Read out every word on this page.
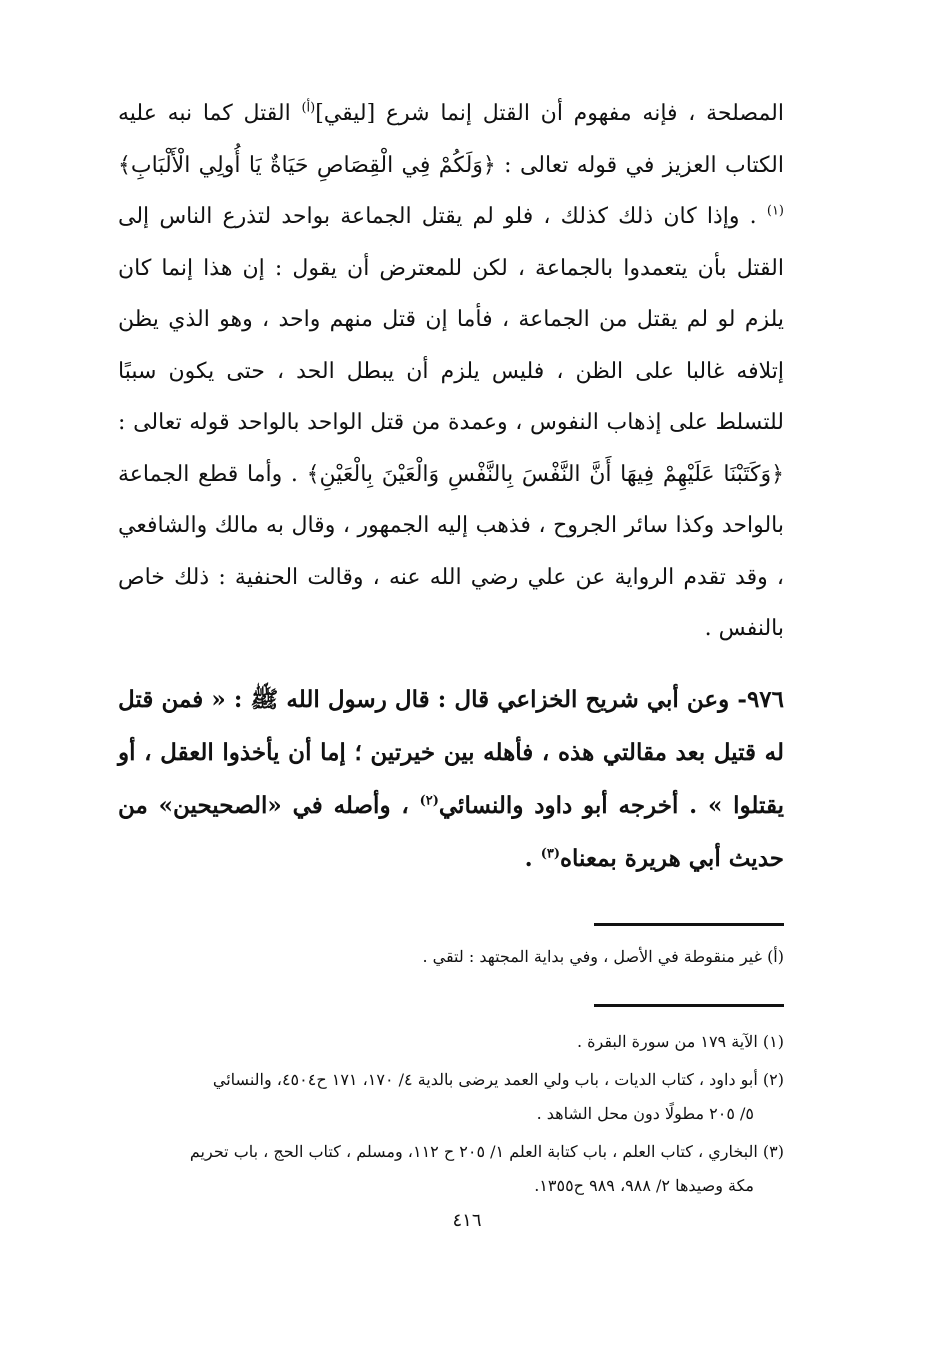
المصلحة ، فإنه مفهوم أن القتل إنما شرع [ليقي]$^{(أ)}$ القتل كما نبه عليه الكتاب العزيز في قوله تعالى : ﴿وَلَكُمْ فِي الْقِصَاصِ حَيَاةٌ يَا أُولِي الْأَلْبَابِ﴾$^{(١)}$ . وإذا كان ذلك كذلك ، فلو لم يقتل الجماعة بواحد لتذرع الناس إلى القتل بأن يتعمدوا بالجماعة ، لكن للمعترض أن يقول : إن هذا إنما كان يلزم لو لم يقتل من الجماعة ، فأما إن قتل منهم واحد ، وهو الذي يظن إتلافه غالبا على الظن ، فليس يلزم أن يبطل الحد ، حتى يكون سببًا للتسلط على إذهاب النفوس ، وعمدة من قتل الواحد بالواحد قوله تعالى : ﴿وَكَتَبْنَا عَلَيْهِمْ فِيهَا أَنَّ النَّفْسَ بِالنَّفْسِ وَالْعَيْنَ بِالْعَيْنِ﴾ . وأما قطع الجماعة بالواحد وكذا سائر الجروح ، فذهب إليه الجمهور ، وقال به مالك والشافعي ، وقد تقدم الرواية عن علي رضي الله عنه ، وقالت الحنفية : ذلك خاص بالنفس .

٩٧٦- وعن أبي شريح الخزاعي قال : قال رسول الله ﷺ : « فمن قتل له قتيل بعد مقالتي هذه ، فأهله بين خيرتين ؛ إما أن يأخذوا العقل ، أو يقتلوا » . أخرجه أبو داود والنسائي$^{(٢)}$ ، وأصله في «الصحيحين» من حديث أبي هريرة بمعناه$^{(٣)}$ .

(أ) غير منقوطة في الأصل ، وفي بداية المجتهد : لتقي .

(١) الآية ١٧٩ من سورة البقرة .

(٢) أبو داود ، كتاب الديات ، باب ولي العمد يرضى بالدية ٤/ ١٧٠، ١٧١ ح٤٥٠٤، والنسائي
٥/ ٢٠٥ مطولًا دون محل الشاهد .

(٣) البخاري ، كتاب العلم ، باب كتابة العلم ١/ ٢٠٥ ح ١١٢، ومسلم ، كتاب الحج ، باب تحريم
مكة وصيدها ٢/ ٩٨٨، ٩٨٩ ح١٣٥٥.

٤١٦
